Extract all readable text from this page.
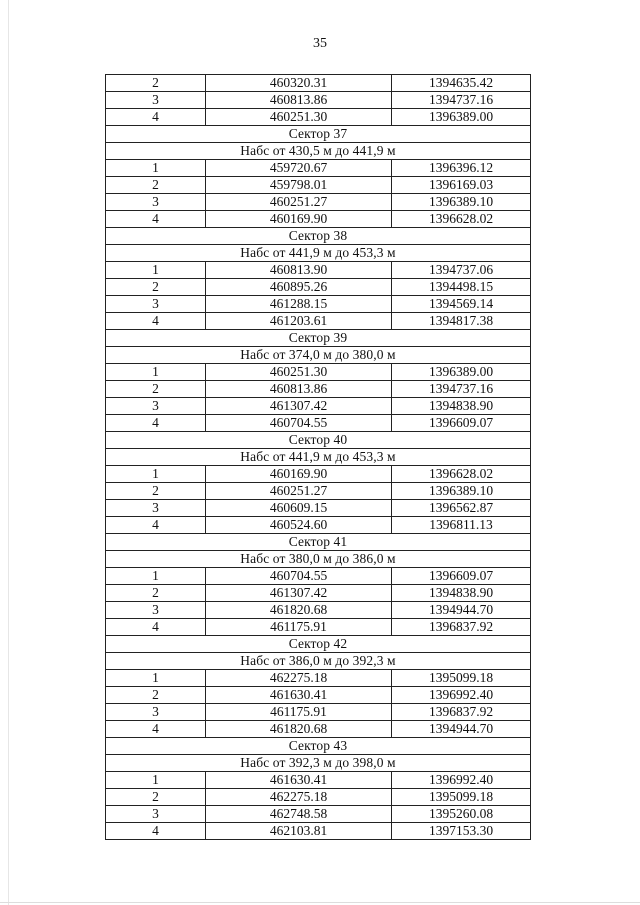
35
2	460320.31	1394635.42
3	460813.86	1394737.16
4	460251.30	1396389.00
Сектор 37		
Набс от 430,5 м до 441,9 м		
1	459720.67	1396396.12
2	459798.01	1396169.03
3	460251.27	1396389.10
4	460169.90	1396628.02
Сектор 38		
Набс от 441,9 м до 453,3 м		
1	460813.90	1394737.06
2	460895.26	1394498.15
3	461288.15	1394569.14
4	461203.61	1394817.38
Сектор 39		
Набс от 374,0 м до 380,0 м		
1	460251.30	1396389.00
2	460813.86	1394737.16
3	461307.42	1394838.90
4	460704.55	1396609.07
Сектор 40		
Набс от 441,9 м до 453,3 м		
1	460169.90	1396628.02
2	460251.27	1396389.10
3	460609.15	1396562.87
4	460524.60	1396811.13
Сектор 41		
Набс от 380,0 м до 386,0 м		
1	460704.55	1396609.07
2	461307.42	1394838.90
3	461820.68	1394944.70
4	461175.91	1396837.92
Сектор 42		
Набс от 386,0 м до 392,3 м		
1	462275.18	1395099.18
2	461630.41	1396992.40
3	461175.91	1396837.92
4	461820.68	1394944.70
Сектор 43		
Набс от 392,3 м до 398,0 м		
1	461630.41	1396992.40
2	462275.18	1395099.18
3	462748.58	1395260.08
4	462103.81	1397153.30
